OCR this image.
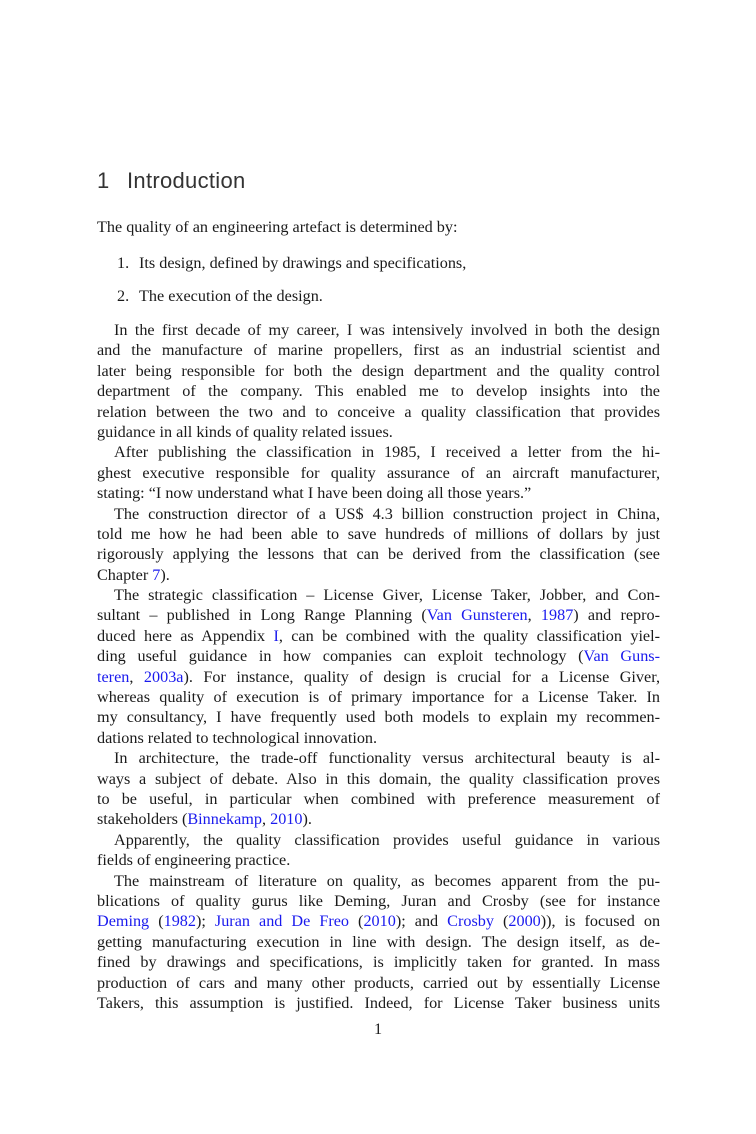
1 Introduction
The quality of an engineering artefact is determined by:
1. Its design, defined by drawings and specifications,
2. The execution of the design.
In the first decade of my career, I was intensively involved in both the design
and the manufacture of marine propellers, first as an industrial scientist and
later being responsible for both the design department and the quality control
department of the company. This enabled me to develop insights into the
relation between the two and to conceive a quality classification that provides
guidance in all kinds of quality related issues.
After publishing the classification in 1985, I received a letter from the hi-
ghest executive responsible for quality assurance of an aircraft manufacturer,
stating: “I now understand what I have been doing all those years.”
The construction director of a US$ 4.3 billion construction project in China,
told me how he had been able to save hundreds of millions of dollars by just
rigorously applying the lessons that can be derived from the classification (see
Chapter 7).
The strategic classification – License Giver, License Taker, Jobber, and Con-
sultant – published in Long Range Planning (Van Gunsteren, 1987) and repro-
duced here as Appendix I, can be combined with the quality classification yiel-
ding useful guidance in how companies can exploit technology (Van Guns-
teren, 2003a). For instance, quality of design is crucial for a License Giver,
whereas quality of execution is of primary importance for a License Taker. In
my consultancy, I have frequently used both models to explain my recommen-
dations related to technological innovation.
In architecture, the trade-off functionality versus architectural beauty is al-
ways a subject of debate. Also in this domain, the quality classification proves
to be useful, in particular when combined with preference measurement of
stakeholders (Binnekamp, 2010).
Apparently, the quality classification provides useful guidance in various
fields of engineering practice.
The mainstream of literature on quality, as becomes apparent from the pu-
blications of quality gurus like Deming, Juran and Crosby (see for instance
Deming (1982); Juran and De Freo (2010); and Crosby (2000)), is focused on
getting manufacturing execution in line with design. The design itself, as de-
fined by drawings and specifications, is implicitly taken for granted. In mass
production of cars and many other products, carried out by essentially License
Takers, this assumption is justified. Indeed, for License Taker business units
1
